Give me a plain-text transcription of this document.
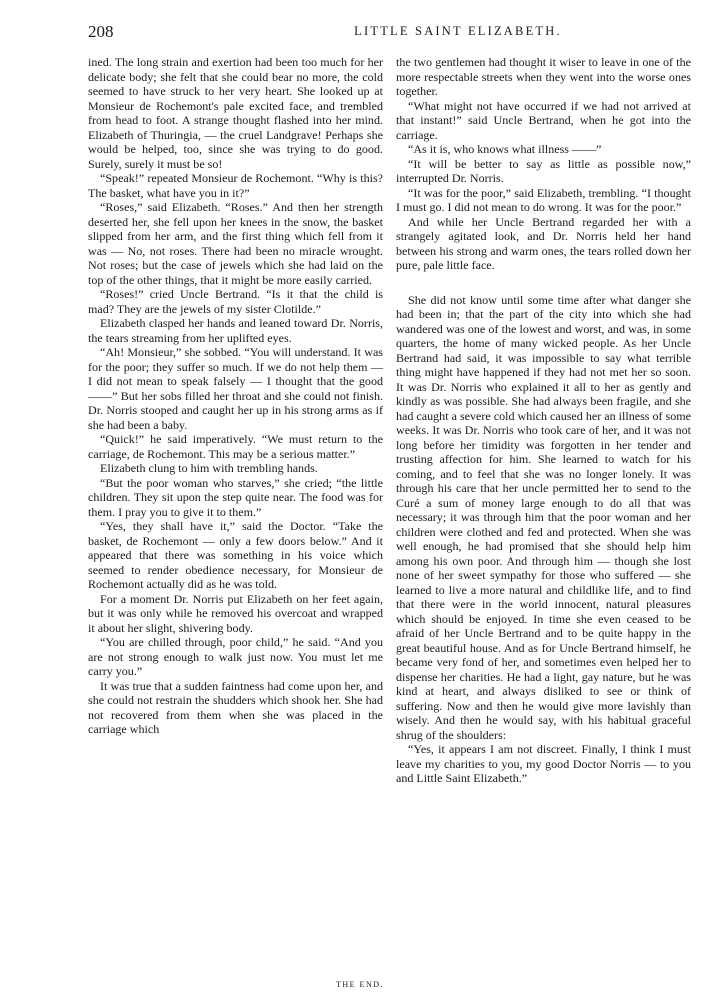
208	LITTLE SAINT ELIZABETH.

ined. The long strain and exertion had been too much for her delicate body; she felt that she could bear no more, the cold seemed to have struck to her very heart. She looked up at Monsieur de Rochemont's pale excited face, and trembled from head to foot. A strange thought flashed into her mind. Elizabeth of Thuringia, — the cruel Landgrave! Perhaps she would be helped, too, since she was trying to do good. Surely, surely it must be so!

“Speak!” repeated Monsieur de Rochemont. “Why is this? The basket, what have you in it?”

“Roses,” said Elizabeth. “Roses.” And then her strength deserted her, she fell upon her knees in the snow, the basket slipped from her arm, and the first thing which fell from it was — No, not roses. There had been no miracle wrought. Not roses; but the case of jewels which she had laid on the top of the other things, that it might be more easily carried.

“Roses!” cried Uncle Bertrand. “Is it that the child is mad? They are the jewels of my sister Clotilde.”

Elizabeth clasped her hands and leaned toward Dr. Norris, the tears streaming from her uplifted eyes.

“Ah! Monsieur,” she sobbed. “You will understand. It was for the poor; they suffer so much. If we do not help them — I did not mean to speak falsely — I thought that the good ——” But her sobs filled her throat and she could not finish. Dr. Norris stooped and caught her up in his strong arms as if she had been a baby.

“Quick!” he said imperatively. “We must return to the carriage, de Rochemont. This may be a serious matter.”

Elizabeth clung to him with trembling hands.

“But the poor woman who starves,” she cried; “the little children. They sit upon the step quite near. The food was for them. I pray you to give it to them.”

“Yes, they shall have it,” said the Doctor. “Take the basket, de Rochemont — only a few doors below.” And it appeared that there was something in his voice which seemed to render obedience necessary, for Monsieur de Rochemont actually did as he was told.

For a moment Dr. Norris put Elizabeth on her feet again, but it was only while he removed his overcoat and wrapped it about her slight, shivering body.

“You are chilled through, poor child,” he said. “And you are not strong enough to walk just now. You must let me carry you.”

It was true that a sudden faintness had come upon her, and she could not restrain the shudders which shook her. She had not recovered from them when she was placed in the carriage which

the two gentlemen had thought it wiser to leave in one of the more respectable streets when they went into the worse ones together.

“What might not have occurred if we had not arrived at that instant!” said Uncle Bertrand, when he got into the carriage.

“As it is, who knows what illness ——”

“It will be better to say as little as possible now,” interrupted Dr. Norris.

“It was for the poor,” said Elizabeth, trembling. “I thought I must go. I did not mean to do wrong. It was for the poor.”

And while her Uncle Bertrand regarded her with a strangely agitated look, and Dr. Norris held her hand between his strong and warm ones, the tears rolled down her pure, pale little face.

She did not know until some time after what danger she had been in; that the part of the city into which she had wandered was one of the lowest and worst, and was, in some quarters, the home of many wicked people. As her Uncle Bertrand had said, it was impossible to say what terrible thing might have happened if they had not met her so soon. It was Dr. Norris who explained it all to her as gently and kindly as was possible. She had always been fragile, and she had caught a severe cold which caused her an illness of some weeks. It was Dr. Norris who took care of her, and it was not long before her timidity was forgotten in her tender and trusting affection for him. She learned to watch for his coming, and to feel that she was no longer lonely. It was through his care that her uncle permitted her to send to the Curé a sum of money large enough to do all that was necessary; it was through him that the poor woman and her children were clothed and fed and protected. When she was well enough, he had promised that she should help him among his own poor. And through him — though she lost none of her sweet sympathy for those who suffered — she learned to live a more natural and childlike life, and to find that there were in the world innocent, natural pleasures which should be enjoyed. In time she even ceased to be afraid of her Uncle Bertrand and to be quite happy in the great beautiful house. And as for Uncle Bertrand himself, he became very fond of her, and sometimes even helped her to dispense her charities. He had a light, gay nature, but he was kind at heart, and always disliked to see or think of suffering. Now and then he would give more lavishly than wisely. And then he would say, with his habitual graceful shrug of the shoulders:

“Yes, it appears I am not discreet. Finally, I think I must leave my charities to you, my good Doctor Norris — to you and Little Saint Elizabeth.”

THE END.
